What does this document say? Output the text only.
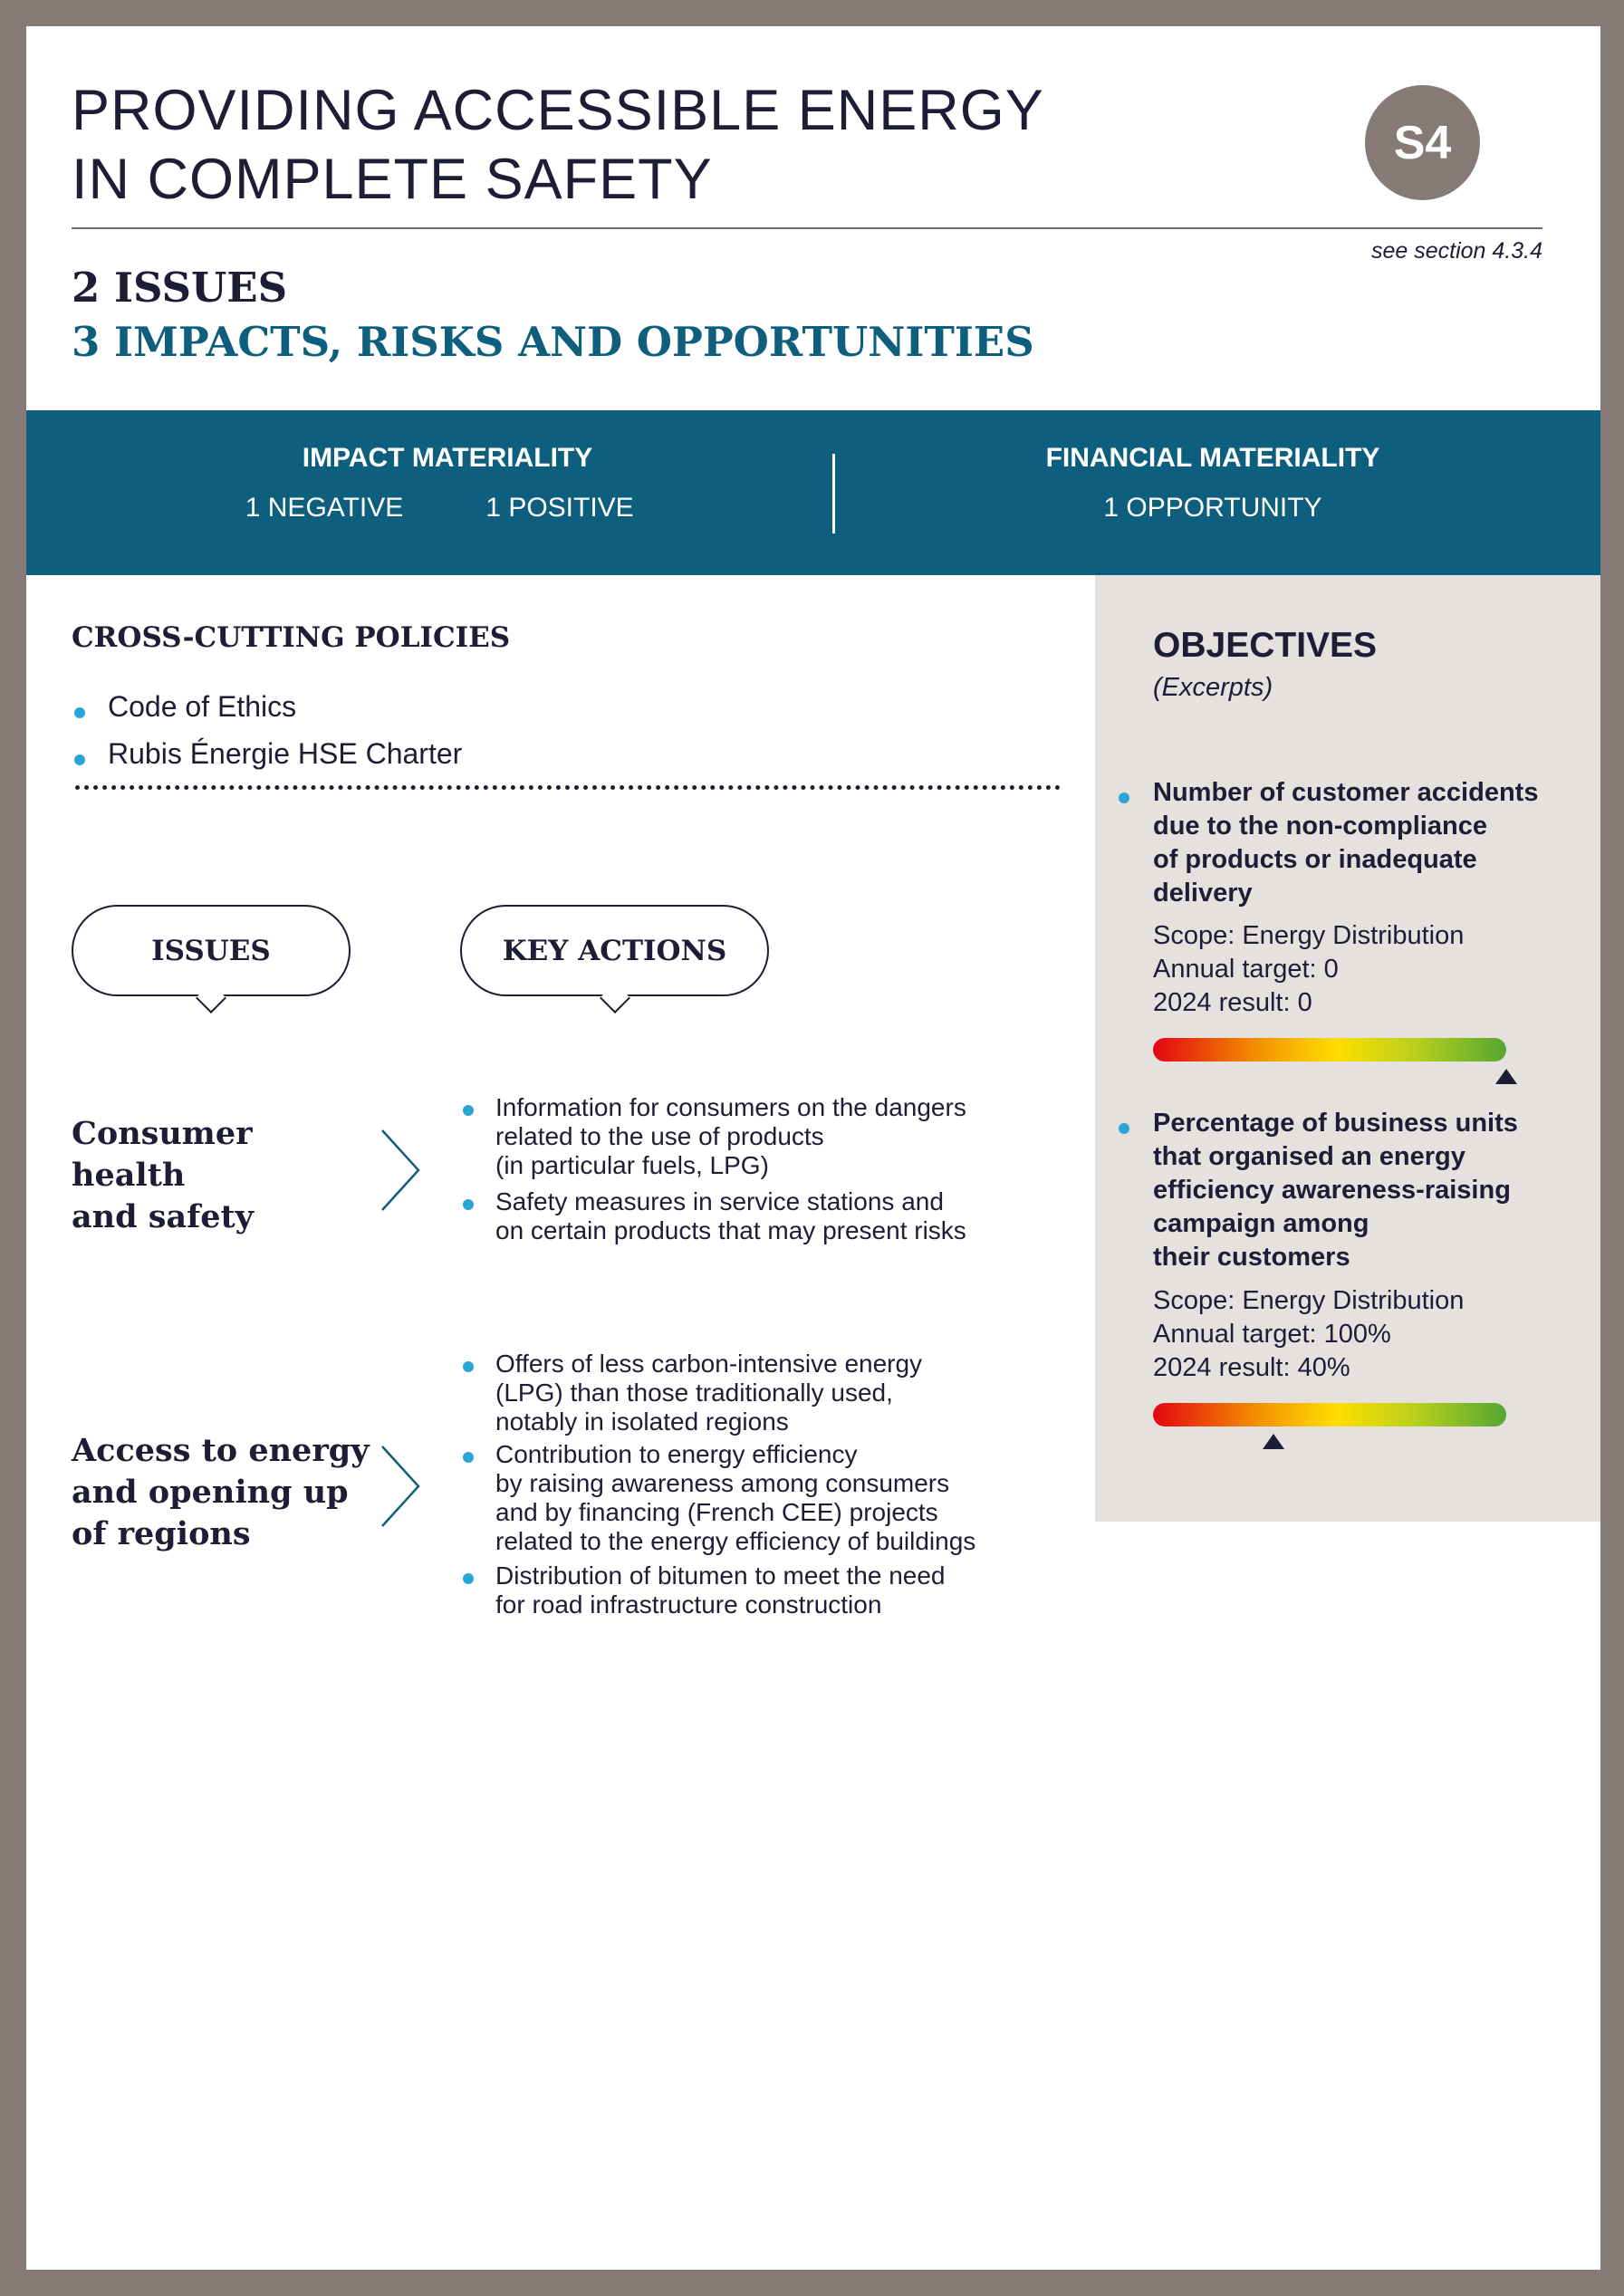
PROVIDING ACCESSIBLE ENERGY
IN COMPLETE SAFETY
S4
see section 4.3.4
2 ISSUES
3 IMPACTS, RISKS AND OPPORTUNITIES
IMPACT MATERIALITY
1 NEGATIVE	1 POSITIVE
FINANCIAL MATERIALITY
1 OPPORTUNITY
CROSS-CUTTING POLICIES
Code of Ethics
Rubis Énergie HSE Charter
ISSUES	KEY ACTIONS
Consumer
health
and safety
Information for consumers on the dangers
related to the use of products
(in particular fuels, LPG)
Safety measures in service stations and
on certain products that may present risks
Access to energy
and opening up
of regions
Offers of less carbon-intensive energy
(LPG) than those traditionally used,
notably in isolated regions
Contribution to energy efficiency
by raising awareness among consumers
and by financing (French CEE) projects
related to the energy efficiency of buildings
Distribution of bitumen to meet the need
for road infrastructure construction
OBJECTIVES
(Excerpts)
Number of customer accidents
due to the non-compliance
of products or inadequate
delivery
Scope: Energy Distribution
Annual target: 0
2024 result: 0
Percentage of business units
that organised an energy
efficiency awareness-raising
campaign among
their customers
Scope: Energy Distribution
Annual target: 100%
2024 result: 40%
